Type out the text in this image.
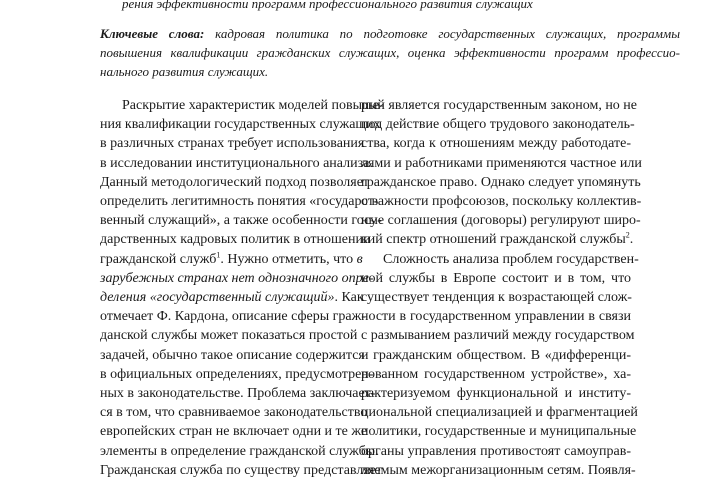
рения эффективности программ профессионального развития служащих
Ключевые слова: кадровая политика по подготовке государственных служащих, программы
повышения квалификации гражданских служащих, оценка эффективности программ профессио-
нального развития служащих.
Раскрытие характеристик моделей повыше-
ния квалификации государственных служащих
в различных странах требует использования
в исследовании институционального анализа.
Данный методологический подход позволяет
определить легитимность понятия «государст-
венный служащий», а также особенности госу-
дарственных кадровых политик в отношении
гражданской служб$^1$. Нужно отметить, что в
зарубежных странах нет однозначного опре-
деления «государственный служащий». Как
отмечает Ф. Кардона, описание сферы граж-
данской службы может показаться простой
задачей, обычно такое описание содержится
в официальных определениях, предусмотрен-
ных в законодательстве. Проблема заключает-
ся в том, что сравниваемое законодательство
европейских стран не включает одни и те же
элементы в определение гражданской службы.
Гражданская служба по существу представляет
рый является государственным законом, но не
под действие общего трудового законодатель-
ства, когда к отношениям между работодате-
лями и работниками применяются частное или
гражданское право. Однако следует упомянуть
о важности профсоюзов, поскольку коллектив-
ные соглашения (договоры) регулируют широ-
кий спектр отношений гражданской службы$^2$.
Сложность анализа проблем государствен-
ной службы в Европе состоит и в том, что
существует тенденция к возрастающей слож-
ности в государственном управлении в связи
с размыванием различий между государством
и гражданским обществом. В «дифференци-
рованном государственном устройстве», ха-
рактеризуемом функциональной и институ-
циональной специализацией и фрагментацией
политики, государственные и муниципальные
органы управления противостоят самоуправ-
ляемым межорганизационным сетям. Появля-
